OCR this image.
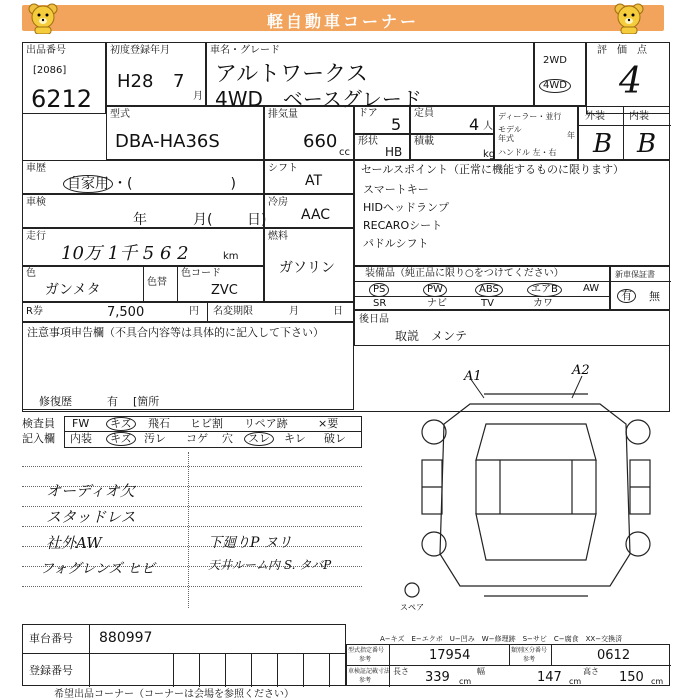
軽自動車コーナー
出品番号
[2086]
6212
初度登録年月
H28 7
月
車名・グレード
アルトワークス
4WD　ベースグレード
2WD
4WD
評　価　点
4
型式
DBA-HA36S
排気量
660
cc
ドア
5
定員
4 人
形状
HB
積載
kg
ディーラー・並行
モデル
年式	年
ハンドル 左・右
外装 内装
B B
車歴
自家用 ・(　　　　　　　)
車検
年	月( 日)
走行
10万 1千 5 6 2	km
色
ガンメタ	色替
色コード
ZVC
R券	7,500	円 名変期限	月	日
シフト
AT
冷房
AAC
燃料
ガソリン
セールスポイント（正常に機能するものに限ります）
スマートキー
HIDヘッドランプ
RECAROシート
パドルシフト
装備品（純正品に限り○をつけてください）
PS	PW	ABS	エアB	AW
SR	ナビ	TV	カワ
新車保証書
有	無
後日品
取説　メンテ
注意事項申告欄（不具合内容等は具体的に記入して下さい）
修復歴	有 [箇所
検査員
記入欄
FW	キズ	飛石 ヒビ割 リペア跡	×要
内装	キズ	汚レ コゲ 穴	スレ	キレ 破レ
オーディオ欠
スタッドレス
社外AW
フォグレンズ ヒビ
下廻りP ヌリ
天井ルーム内 S. タバP
A1	A2
スペア
A−キズ　E−エクボ　U−凹み　W−修理跡　S−サビ　C−腐食　XX−交換済
車台番号 880997
登録番号
型式指定番号
参考	17954	類別区分番号
参考	0612
車検証記載寸法
参考
長さ 339 cm
幅	147 cm
高さ 150 cm
希望出品コーナー（コーナーは会場を参照ください）
